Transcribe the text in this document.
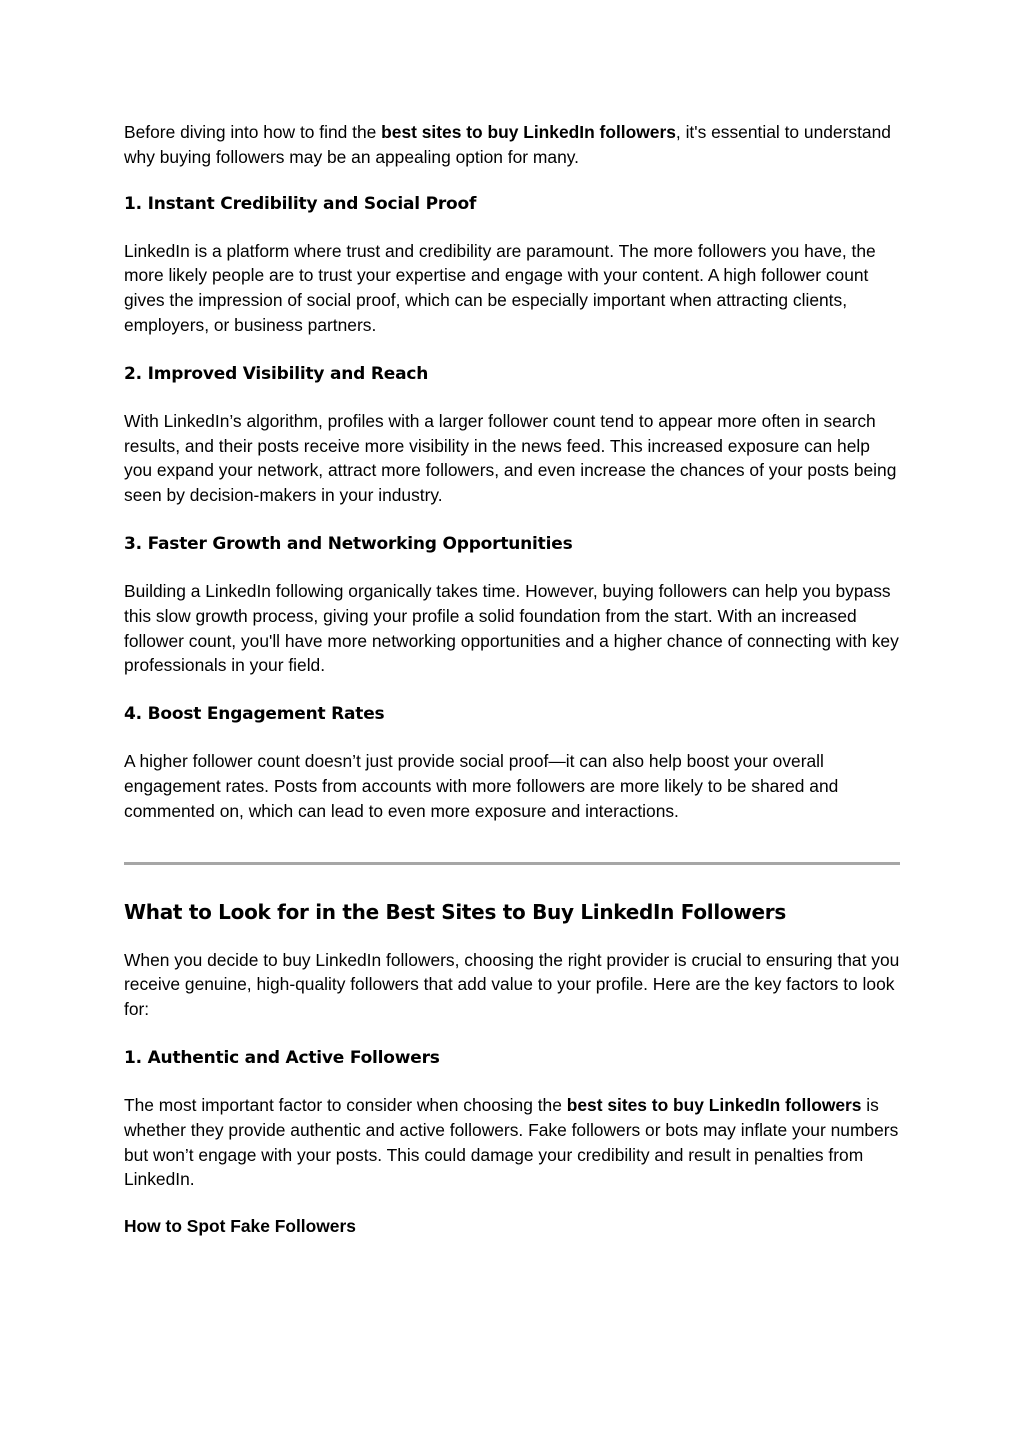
Before diving into how to find the best sites to buy LinkedIn followers, it's essential to understand why buying followers may be an appealing option for many.

1. Instant Credibility and Social Proof

LinkedIn is a platform where trust and credibility are paramount. The more followers you have, the more likely people are to trust your expertise and engage with your content. A high follower count gives the impression of social proof, which can be especially important when attracting clients, employers, or business partners.

2. Improved Visibility and Reach

With LinkedIn’s algorithm, profiles with a larger follower count tend to appear more often in search results, and their posts receive more visibility in the news feed. This increased exposure can help you expand your network, attract more followers, and even increase the chances of your posts being seen by decision-makers in your industry.

3. Faster Growth and Networking Opportunities

Building a LinkedIn following organically takes time. However, buying followers can help you bypass this slow growth process, giving your profile a solid foundation from the start. With an increased follower count, you'll have more networking opportunities and a higher chance of connecting with key professionals in your field.

4. Boost Engagement Rates

A higher follower count doesn’t just provide social proof—it can also help boost your overall engagement rates. Posts from accounts with more followers are more likely to be shared and commented on, which can lead to even more exposure and interactions.

What to Look for in the Best Sites to Buy LinkedIn Followers

When you decide to buy LinkedIn followers, choosing the right provider is crucial to ensuring that you receive genuine, high-quality followers that add value to your profile. Here are the key factors to look for:

1. Authentic and Active Followers

The most important factor to consider when choosing the best sites to buy LinkedIn followers is whether they provide authentic and active followers. Fake followers or bots may inflate your numbers but won’t engage with your posts. This could damage your credibility and result in penalties from LinkedIn.

How to Spot Fake Followers
